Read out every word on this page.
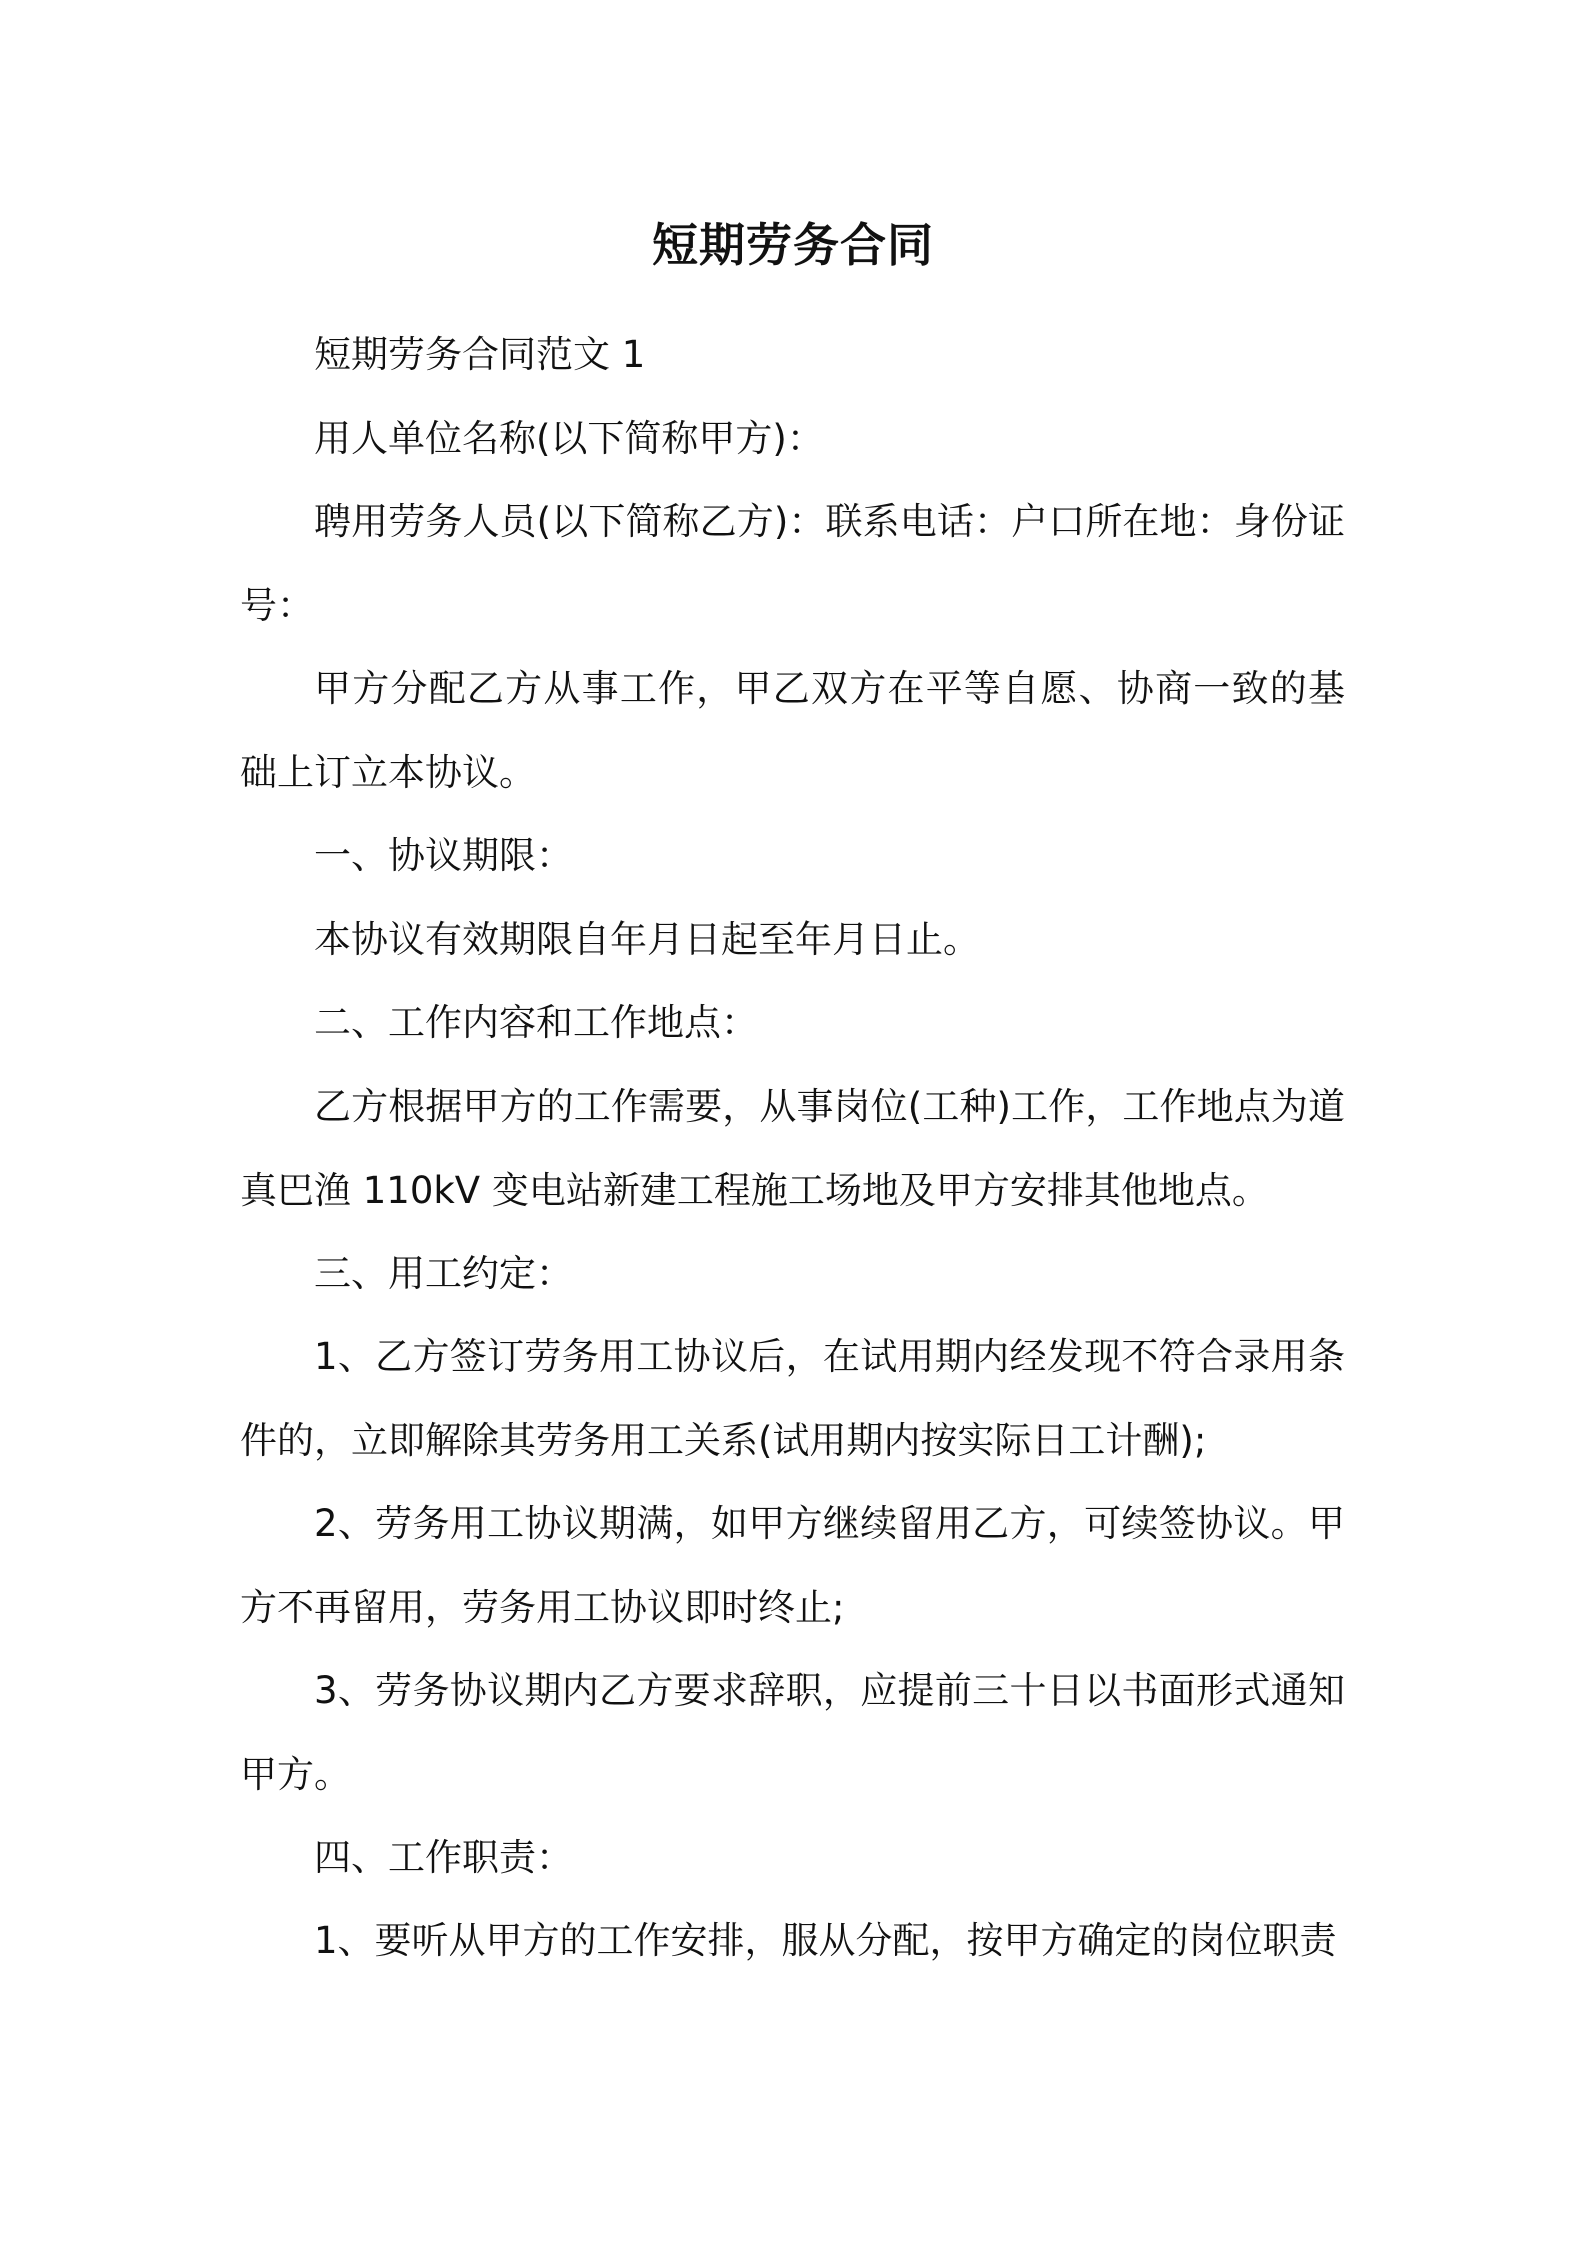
短期劳务合同

短期劳务合同范文 1

用人单位名称(以下简称甲方)：

聘用劳务人员(以下简称乙方)：联系电话：户口所在地：身份证号：

甲方分配乙方从事工作，甲乙双方在平等自愿、协商一致的基础上订立本协议。

一、协议期限：

本协议有效期限自年月日起至年月日止。

二、工作内容和工作地点：

乙方根据甲方的工作需要，从事岗位(工种)工作，工作地点为道真巴渔 110kV 变电站新建工程施工场地及甲方安排其他地点。

三、用工约定：

1、乙方签订劳务用工协议后，在试用期内经发现不符合录用条件的，立即解除其劳务用工关系(试用期内按实际日工计酬);

2、劳务用工协议期满，如甲方继续留用乙方，可续签协议。甲方不再留用，劳务用工协议即时终止;

3、劳务协议期内乙方要求辞职，应提前三十日以书面形式通知甲方。

四、工作职责：

1、要听从甲方的工作安排，服从分配，按甲方确定的岗位职责
